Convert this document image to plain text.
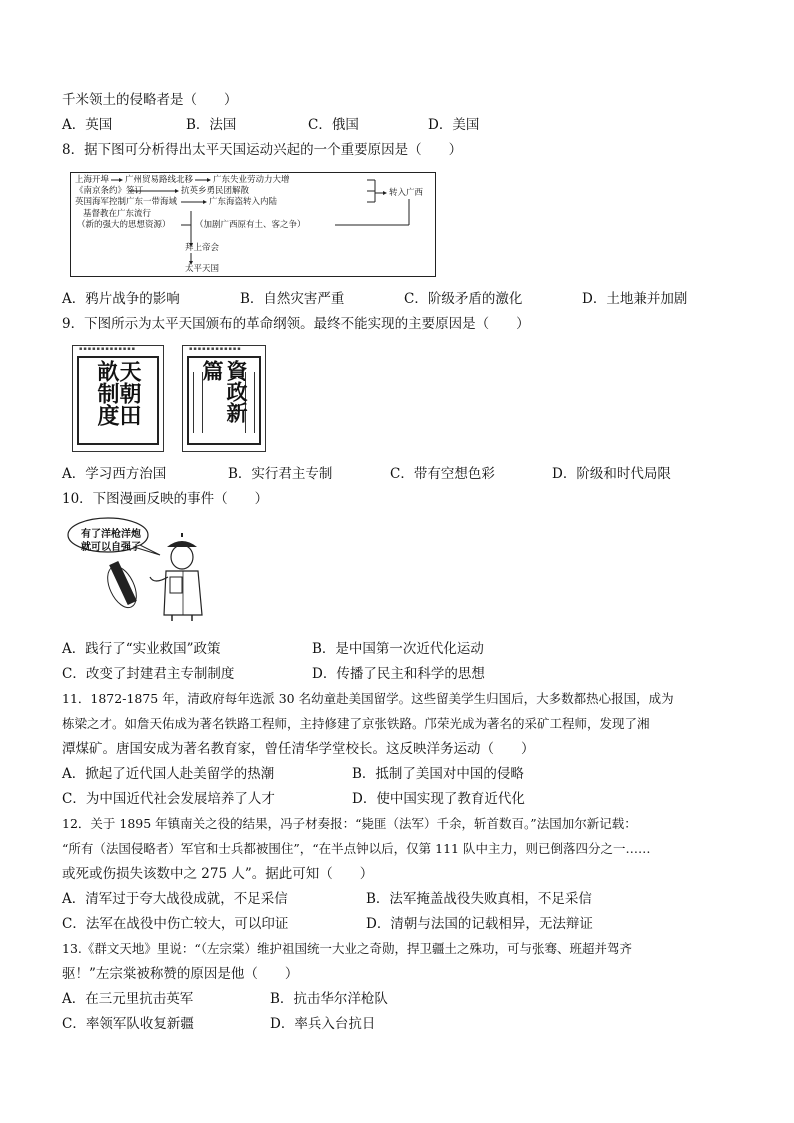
千米领土的侵略者是（　　）
A．英国	B．法国	C．俄国	D．美国
8．据下图可分析得出太平天国运动兴起的一个重要原因是（　　）
上海开埠 广州贸易路线北移 广东失业劳动力大增
《南京条约》签订	抗英乡勇民团解散
英国海军控制广东一带海域	广东海盗转入内陆
转入广西
基督教在广东流行
（新的强大的思想资源）	（加剧广西原有土、客之争）
拜上帝会
太平天国
A．鸦片战争的影响	B．自然灾害严重	C．阶级矛盾的激化	D．土地兼并加剧
9．下图所示为太平天国颁布的革命纲领。最终不能实现的主要原因是（　　）
▪▪▪▪▪▪▪▪▪▪▪▪▪
天朝田畝制度
▪▪▪▪▪▪▪▪▪▪▪▪
資政新篇
A．学习西方治国	B．实行君主专制	C．带有空想色彩	D．阶级和时代局限
10．下图漫画反映的事件（　　）
有了洋枪洋炮
就可以自强了
A．践行了“实业救国”政策	B．是中国第一次近代化运动
C．改变了封建君主专制制度	D．传播了民主和科学的思想
11．1872-1875 年，清政府每年选派 30 名幼童赴美国留学。这些留美学生归国后，大多数都热心报国，成为
栋梁之才。如詹天佑成为著名铁路工程师，主持修建了京张铁路。邝荣光成为著名的采矿工程师，发现了湘
潭煤矿。唐国安成为著名教育家，曾任清华学堂校长。这反映洋务运动（　　）
A．掀起了近代国人赴美留学的热潮	B．抵制了美国对中国的侵略
C．为中国近代社会发展培养了人才	D．使中国实现了教育近代化
12．关于 1895 年镇南关之役的结果，冯子材奏报：“毙匪（法军）千余，斩首数百。”法国加尔新记载：
“所有（法国侵略者）军官和士兵都被围住”，“在半点钟以后，仅第 111 队中主力，则已倒落四分之一……
或死或伤损失该数中之 275 人”。据此可知（　　）
A．清军过于夸大战役成就，不足采信	B．法军掩盖战役失败真相，不足采信
C．法军在战役中伤亡较大，可以印证	D．清朝与法国的记载相异，无法辩证
13.《群文天地》里说：“（左宗棠）维护祖国统一大业之奇勋，捍卫疆土之殊功，可与张骞、班超并驾齐
驱！”左宗棠被称赞的原因是他（　　）
A．在三元里抗击英军	B．抗击华尔洋枪队
C．率领军队收复新疆	D．率兵入台抗日
